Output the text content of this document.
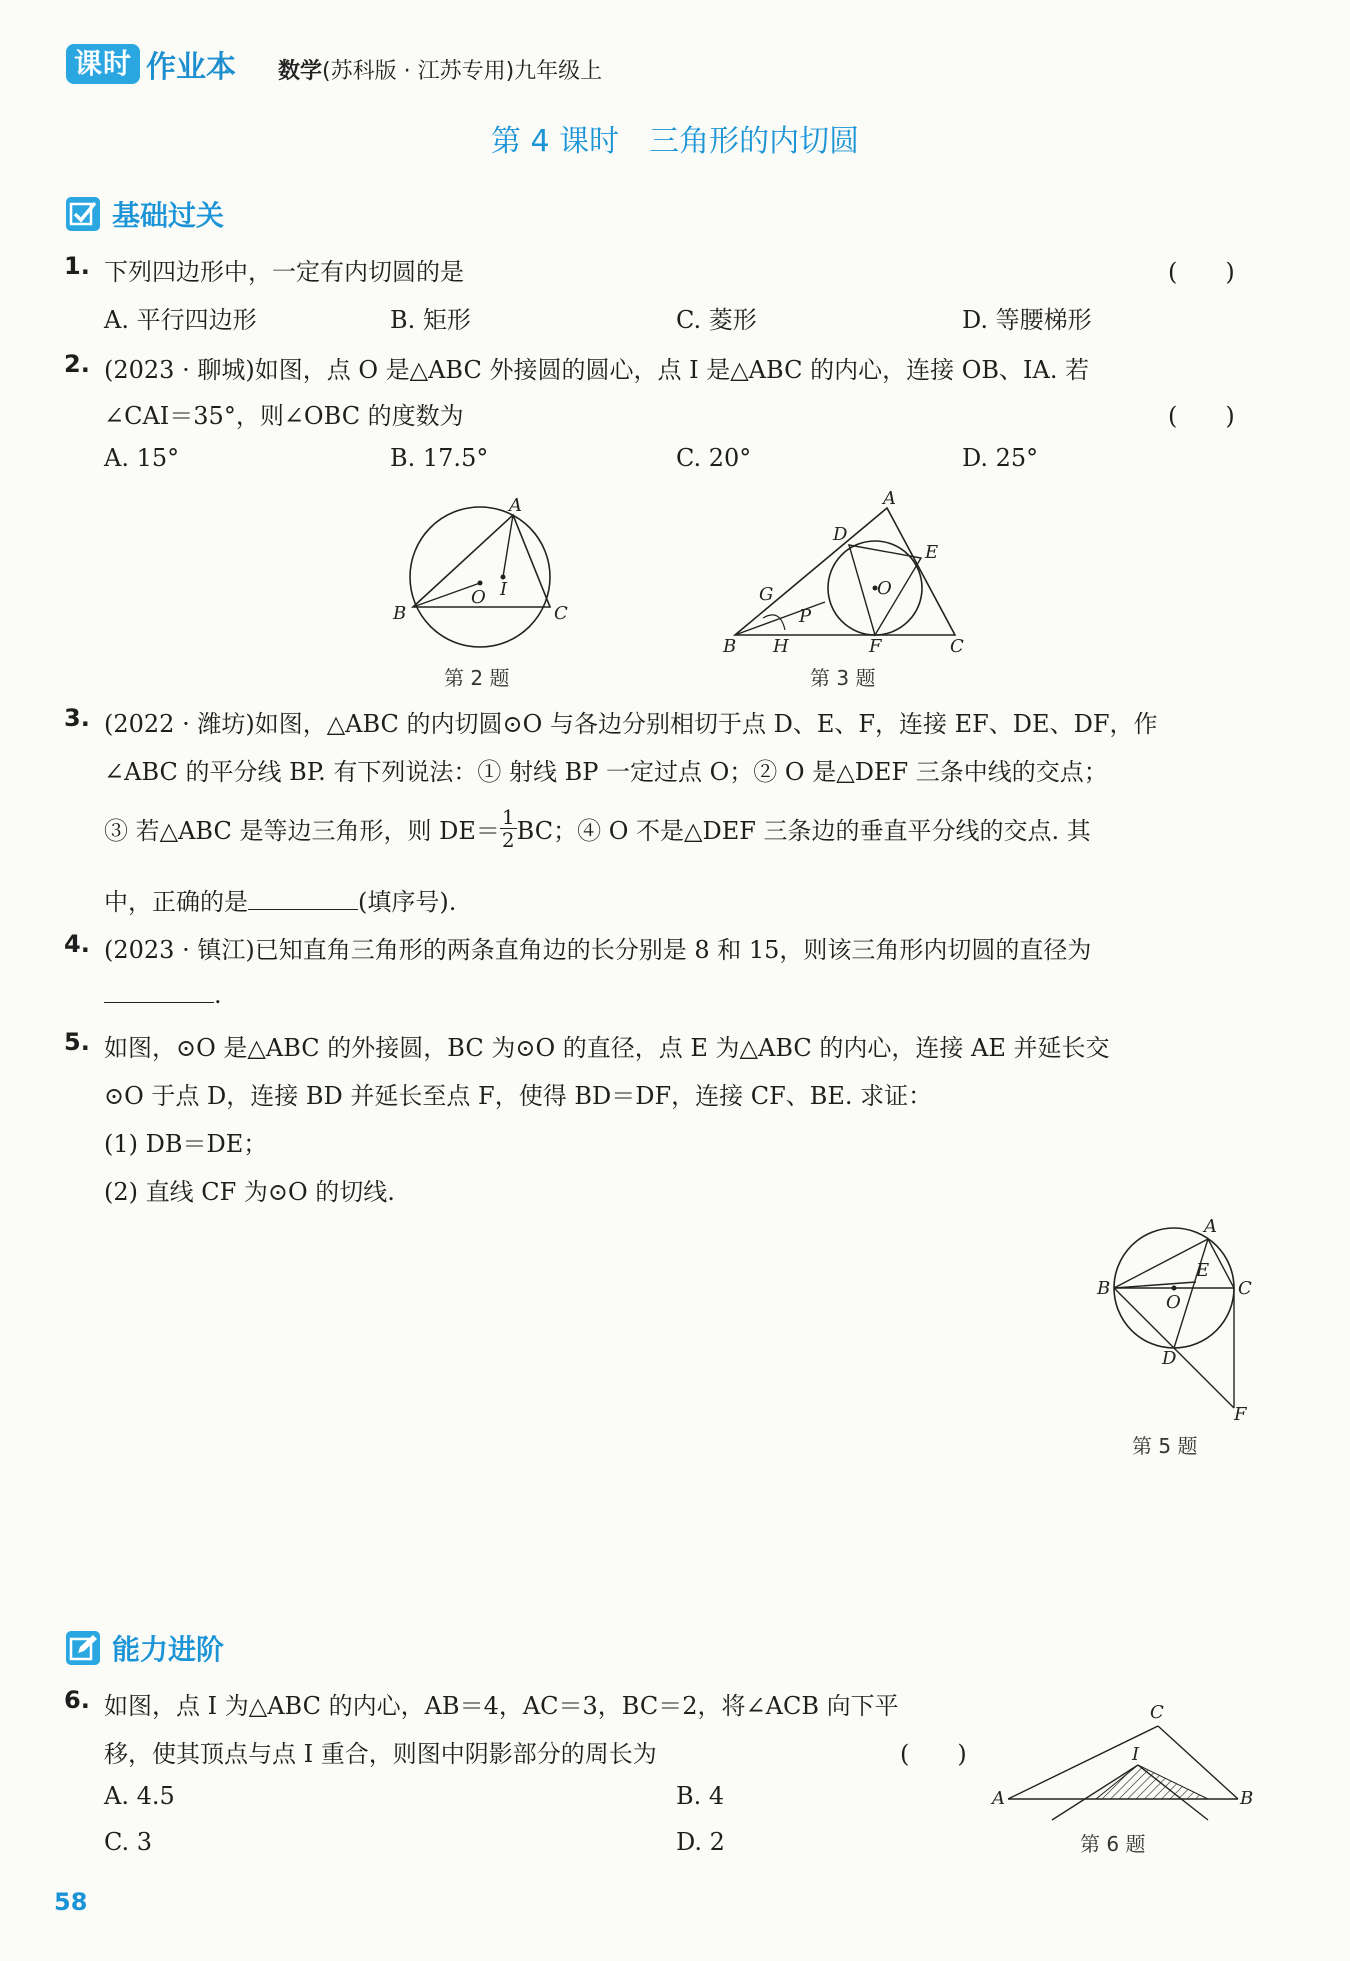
课时 作业本 数学(苏科版 · 江苏专用)九年级上
第 4 课时　三角形的内切圆
基础过关
1. 下列四边形中，一定有内切圆的是	(　　)
A. 平行四边形	B. 矩形	C. 菱形	D. 等腰梯形
2. (2023 · 聊城)如图，点 O 是△ABC 外接圆的圆心，点 I 是△ABC 的内心，连接 OB、IA. 若
∠CAI＝35°，则∠OBC 的度数为	(　　)
A. 15°	B. 17.5°	C. 20°	D. 25°
A
B	C
O I
第 2 题
A
B	C
D
E
F
G
H
P
O
第 3 题
3. (2022 · 潍坊)如图，△ABC 的内切圆⊙O 与各边分别相切于点 D、E、F，连接 EF、DE、DF，作
∠ABC 的平分线 BP. 有下列说法：① 射线 BP 一定过点 O；② O 是△DEF 三条中线的交点；
③ 若△ABC 是等边三角形，则 $DE= \frac{1}{2}$ BC；④ O 不是△DEF 三条边的垂直平分线的交点. 其
中，正确的是	(填序号).
4. (2023 · 镇江)已知直角三角形的两条直角边的长分别是 8 和 15，则该三角形内切圆的直径为
.
5. 如图，⊙O 是△ABC 的外接圆，BC 为⊙O 的直径，点 E 为△ABC 的内心，连接 AE 并延长交
⊙O 于点 D，连接 BD 并延长至点 F，使得 BD＝DF，连接 CF、BE. 求证：
(1) DB＝DE；
(2) 直线 CF 为⊙O 的切线.
A
B	C
D
E
F
O
第 5 题
能力进阶
6. 如图，点 I 为△ABC 的内心，AB＝4，AC＝3，BC＝2，将∠ACB 向下平
移，使其顶点与点 I 重合，则图中阴影部分的周长为	(　　)
A. 4.5	B. 4
C. 3	D. 2
C
I
A	B
第 6 题
58
